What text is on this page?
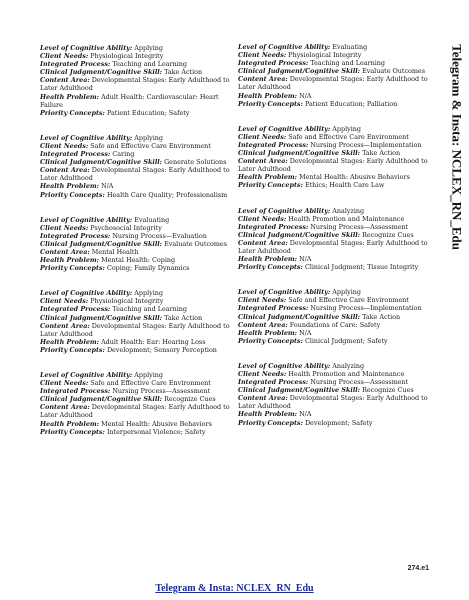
Level of Cognitive Ability: Applying
Client Needs: Physiological Integrity
Integrated Process: Teaching and Learning
Clinical Judgment/Cognitive Skill: Take Action
Content Area: Developmental Stages: Early Adulthood to Later Adulthood
Health Problem: Adult Health: Cardiovascular: Heart Failure
Priority Concepts: Patient Education; Safety
Level of Cognitive Ability: Applying
Client Needs: Safe and Effective Care Environment
Integrated Process: Caring
Clinical Judgment/Cognitive Skill: Generate Solutions
Content Area: Developmental Stages: Early Adulthood to Later Adulthood
Health Problem: N/A
Priority Concepts: Health Care Quality; Professionalism
Level of Cognitive Ability: Evaluating
Client Needs: Psychosocial Integrity
Integrated Process: Nursing Process—Evaluation
Clinical Judgment/Cognitive Skill: Evaluate Outcomes
Content Area: Mental Health
Health Problem: Mental Health: Coping
Priority Concepts: Coping; Family Dynamics
Level of Cognitive Ability: Applying
Client Needs: Physiological Integrity
Integrated Process: Teaching and Learning
Clinical Judgment/Cognitive Skill: Take Action
Content Area: Developmental Stages: Early Adulthood to Later Adulthood
Health Problem: Adult Health: Ear: Hearing Loss
Priority Concepts: Development; Sensory Perception
Level of Cognitive Ability: Applying
Client Needs: Safe and Effective Care Environment
Integrated Process: Nursing Process—Assessment
Clinical Judgment/Cognitive Skill: Recognize Cues
Content Area: Developmental Stages: Early Adulthood to Later Adulthood
Health Problem: Mental Health: Abusive Behaviors
Priority Concepts: Interpersonal Violence; Safety
Level of Cognitive Ability: Evaluating
Client Needs: Physiological Integrity
Integrated Process: Teaching and Learning
Clinical Judgment/Cognitive Skill: Evaluate Outcomes
Content Area: Developmental Stages: Early Adulthood to Later Adulthood
Health Problem: N/A
Priority Concepts: Patient Education; Palliation
Level of Cognitive Ability: Applying
Client Needs: Safe and Effective Care Environment
Integrated Process: Nursing Process—Implementation
Clinical Judgment/Cognitive Skill: Take Action
Content Area: Developmental Stages: Early Adulthood to Later Adulthood
Health Problem: Mental Health: Abusive Behaviors
Priority Concepts: Ethics; Health Care Law
Level of Cognitive Ability: Analyzing
Client Needs: Health Promotion and Maintenance
Integrated Process: Nursing Process—Assessment
Clinical Judgment/Cognitive Skill: Recognize Cues
Content Area: Developmental Stages: Early Adulthood to Later Adulthood
Health Problem: N/A
Priority Concepts: Clinical Judgment; Tissue Integrity
Level of Cognitive Ability: Applying
Client Needs: Safe and Effective Care Environment
Integrated Process: Nursing Process—Implementation
Clinical Judgment/Cognitive Skill: Take Action
Content Area: Foundations of Care: Safety
Health Problem: N/A
Priority Concepts: Clinical Judgment; Safety
Level of Cognitive Ability: Analyzing
Client Needs: Health Promotion and Maintenance
Integrated Process: Nursing Process—Assessment
Clinical Judgment/Cognitive Skill: Recognize Cues
Content Area: Developmental Stages: Early Adulthood to Later Adulthood
Health Problem: N/A
Priority Concepts: Development; Safety
Telegram & Insta: NCLEX_RN_Edu
274.e1
Telegram & Insta: NCLEX_RN_Edu
